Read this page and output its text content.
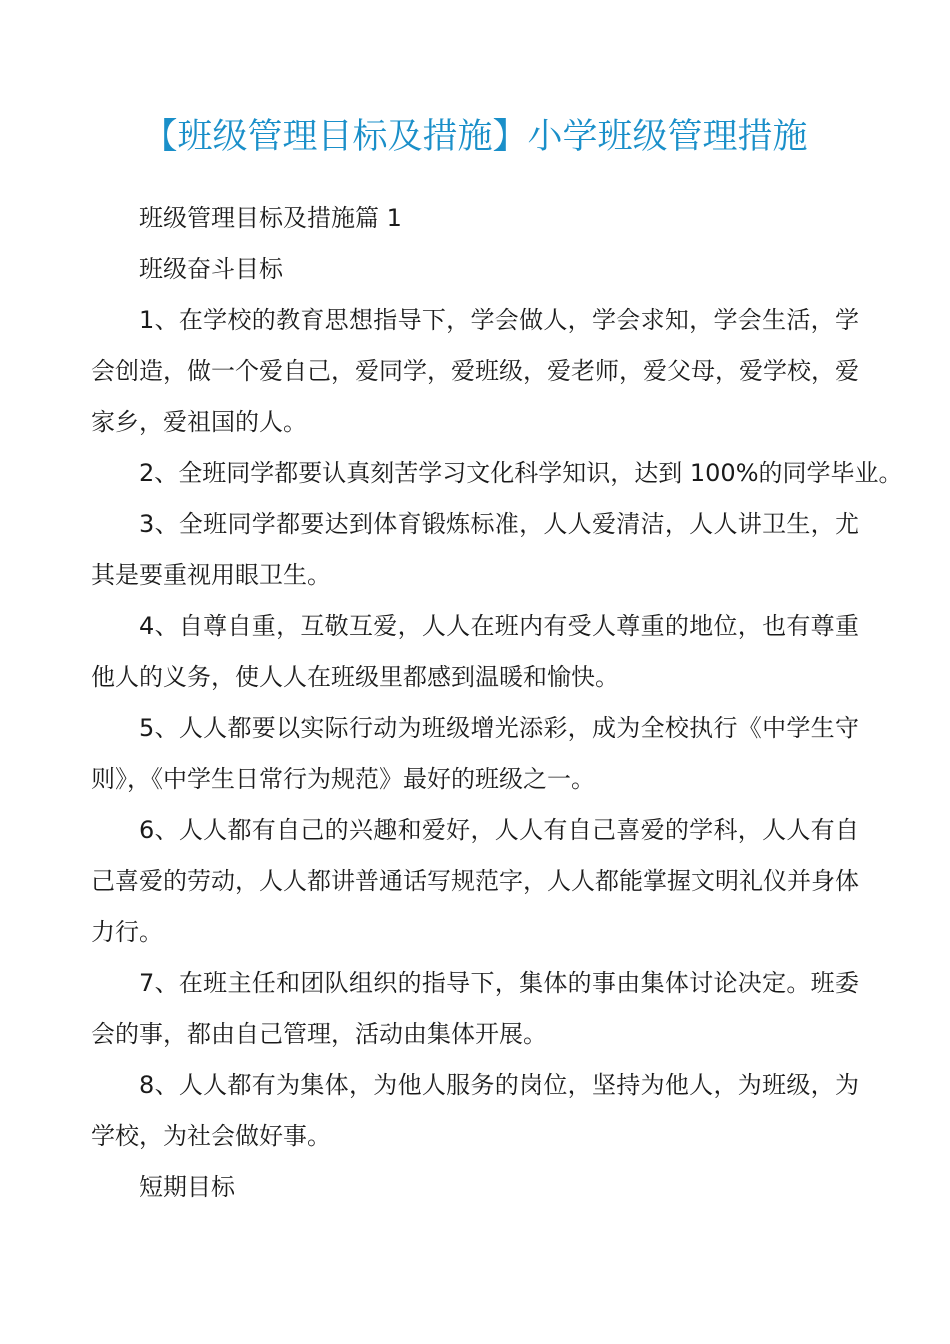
【班级管理目标及措施】小学班级管理措施

班级管理目标及措施篇 1

班级奋斗目标

1、在学校的教育思想指导下，学会做人，学会求知，学会生活，学会创造，做一个爱自己，爱同学，爱班级，爱老师，爱父母，爱学校，爱家乡，爱祖国的人。

2、全班同学都要认真刻苦学习文化科学知识，达到 100%的同学毕业。

3、全班同学都要达到体育锻炼标准，人人爱清洁，人人讲卫生，尤其是要重视用眼卫生。

4、自尊自重，互敬互爱，人人在班内有受人尊重的地位，也有尊重他人的义务，使人人在班级里都感到温暖和愉快。

5、人人都要以实际行动为班级增光添彩，成为全校执行《中学生守则》，《中学生日常行为规范》最好的班级之一。

6、人人都有自己的兴趣和爱好，人人有自己喜爱的学科，人人有自己喜爱的劳动，人人都讲普通话写规范字，人人都能掌握文明礼仪并身体力行。

7、在班主任和团队组织的指导下，集体的事由集体讨论决定。班委会的事，都由自己管理，活动由集体开展。

8、人人都有为集体，为他人服务的岗位，坚持为他人，为班级，为学校，为社会做好事。

短期目标
